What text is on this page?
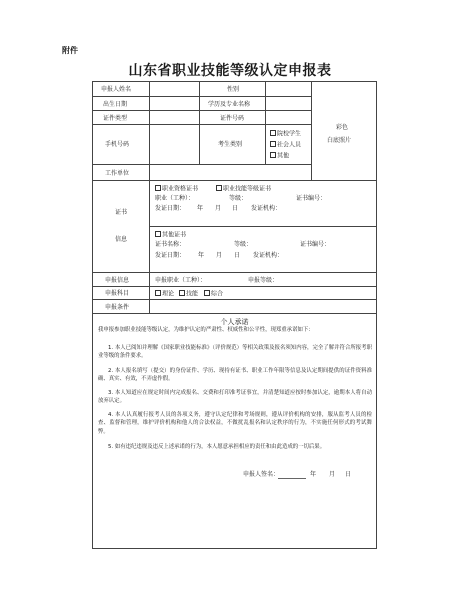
附件
山东省职业技能等级认定申报表
申报人姓名	性别
彩色
白底照片
出生日期	学历及专业名称
证件类型	证件号码
手机号码	考生类别
院校学生
社会人员
其他
工作单位
证书
信息
职业资格证书	职业技能等级证书
职业（工种）：	等级：	证书编号：
发证日期： 年 月 日 发证机构：
其他证书
证书名称：	等级：	证书编号：
发证日期： 年 月 日 发证机构：
申报信息	申报职业（工种）：	申报等级：
申报科目	理论	技能	综合
申报条件
个人承诺
我申报参加职业技能等级认定，为维护认定的严肃性、权威性和公平性，现郑重承诺如下：
1. 本人已阅知并理解《国家职业技能标准》（评价规范）等相关政策及报名须知内容，完全了解并符合所报考职业等级的条件要求。
2. 本人报名填写（提交）的身份证件、学历、现持有证书、职业工作年限等信息及认定期间提供的证件资料准确、真实、有效，不弄虚作假。
3. 本人知道应在规定时间内完成报名、交费和打印准考证事宜，并清楚知道应按时参加认定，逾期本人将自动放弃认定。
4. 本人认真履行报考人员的各项义务，遵守认定纪律和考场规则，遵从评价机构的安排，服从监考人员的检查、监督和管理，维护评价机构和他人的合法权益，不做扰乱报名和认定秩序的行为，不实施任何形式的考试舞弊。
5. 如有违纪违规及违反上述承诺的行为，本人愿意承担相应的责任和由此造成的一切后果。
申报人签名：	年 月 日
